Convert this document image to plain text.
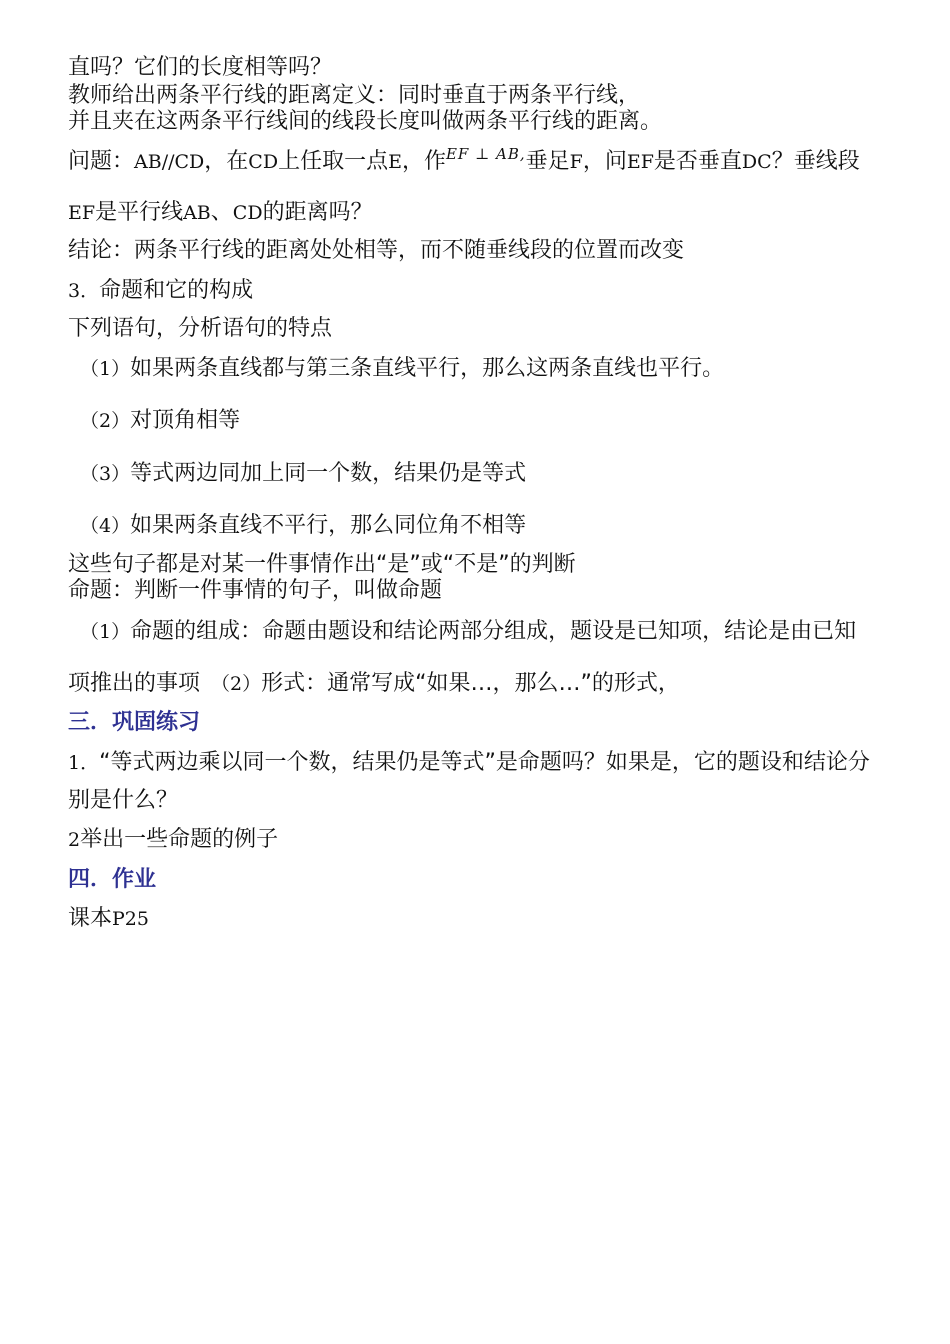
直吗？它们的长度相等吗？
教师给出两条平行线的距离定义：同时垂直于两条平行线，
并且夹在这两条平行线间的线段长度叫做两条平行线的距离。
问题：AB//CD，在CD上任取一点E，作$^{EF \perp AB,}$垂足F，问EF是否垂直DC？垂线段
EF是平行线AB、CD的距离吗？
结论：两条平行线的距离处处相等，而不随垂线段的位置而改变
3．命题和它的构成
下列语句，分析语句的特点
（1）如果两条直线都与第三条直线平行，那么这两条直线也平行。
（2）对顶角相等
（3）等式两边同加上同一个数，结果仍是等式
（4）如果两条直线不平行，那么同位角不相等
这些句子都是对某一件事情作出“是”或“不是”的判断
命题：判断一件事情的句子，叫做命题
（1）命题的组成：命题由题设和结论两部分组成，题设是已知项，结论是由已知
项推出的事项 （2）形式：通常写成“如果…，那么…”的形式，
三．巩固练习
1．“等式两边乘以同一个数，结果仍是等式”是命题吗？如果是，它的题设和结论分
别是什么？
2举出一些命题的例子
四．作业
课本P25
